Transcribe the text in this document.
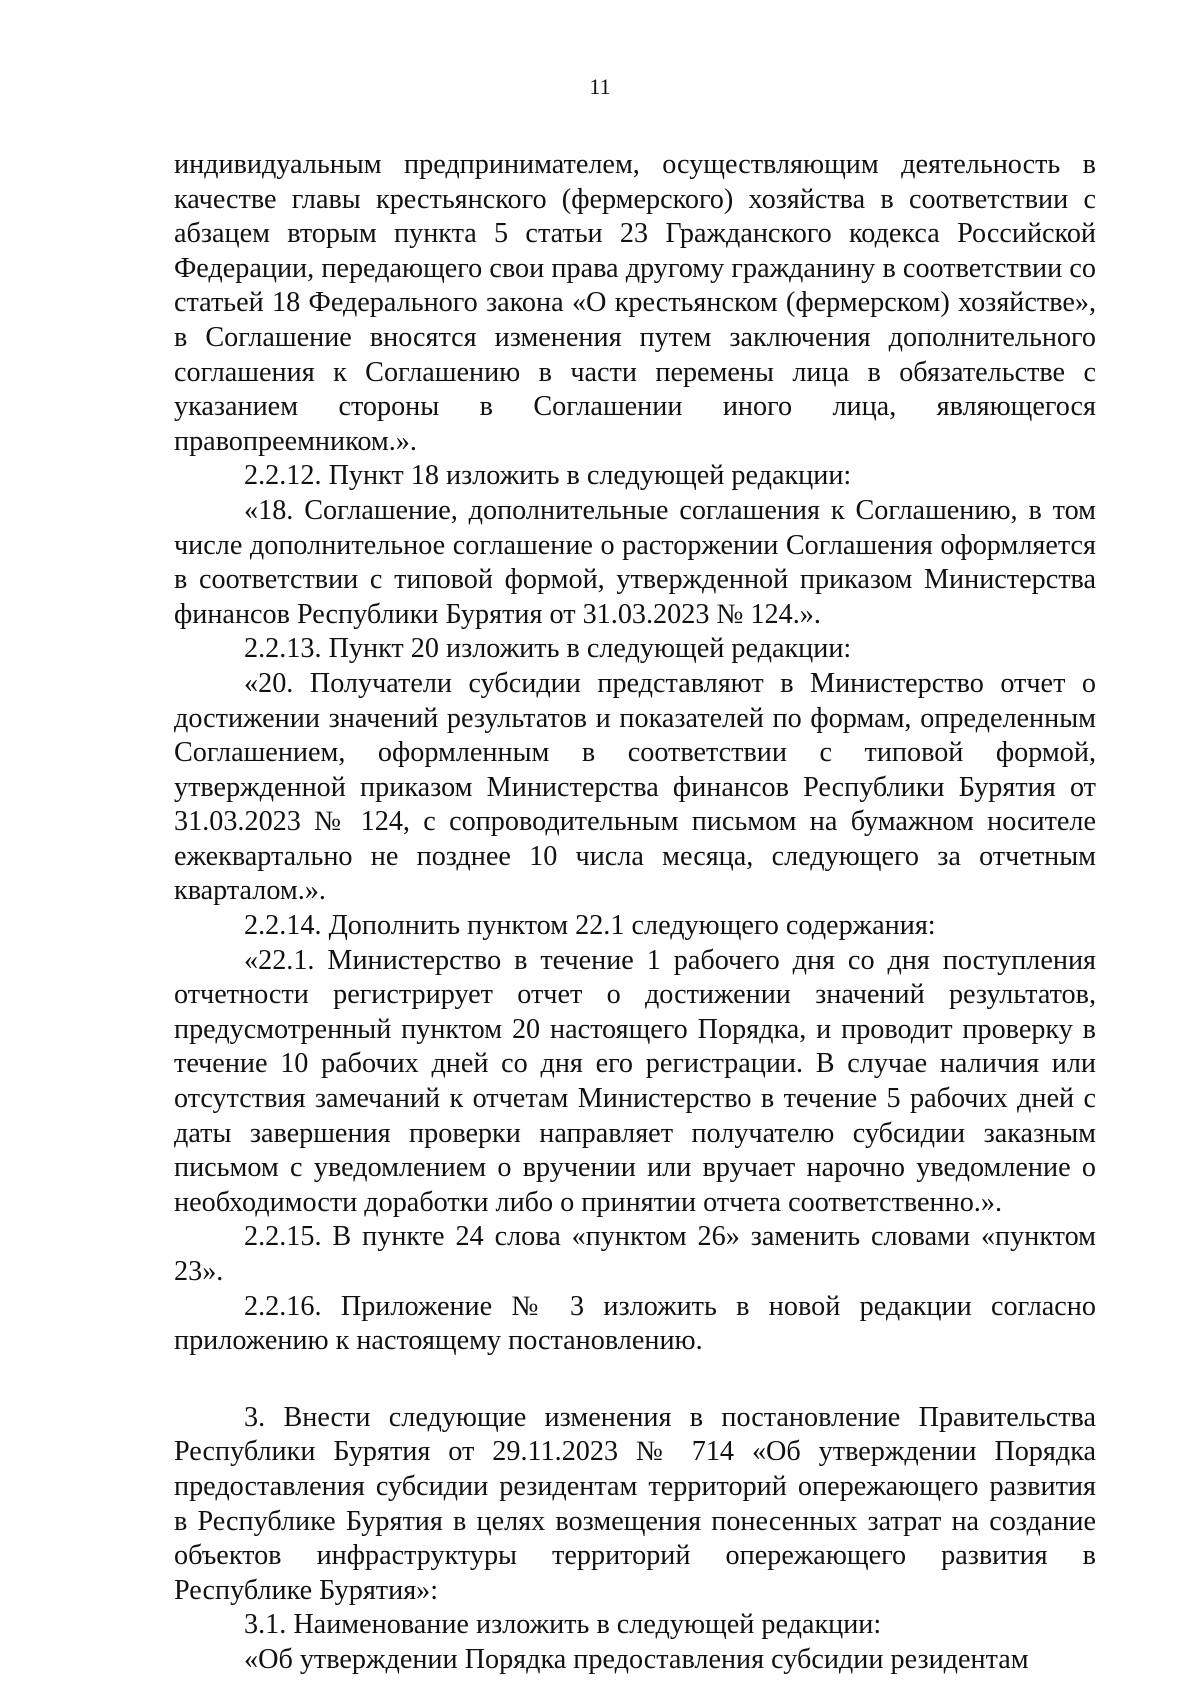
11

индивидуальным предпринимателем, осуществляющим деятельность в качестве главы крестьянского (фермерского) хозяйства в соответствии с абзацем вторым пункта 5 статьи 23 Гражданского кодекса Российской Федерации, передающего свои права другому гражданину в соответствии со статьей 18 Федерального закона «О крестьянском (фермерском) хозяйстве», в Соглашение вносятся изменения путем заключения дополнительного соглашения к Соглашению в части перемены лица в обязательстве с указанием стороны в Соглашении иного лица, являющегося правопреемником.».

2.2.12. Пункт 18 изложить в следующей редакции:

«18. Соглашение, дополнительные соглашения к Соглашению, в том числе дополнительное соглашение о расторжении Соглашения оформляется в соответствии с типовой формой, утвержденной приказом Министерства финансов Республики Бурятия от 31.03.2023 № 124.».

2.2.13. Пункт 20 изложить в следующей редакции:

«20. Получатели субсидии представляют в Министерство отчет о достижении значений результатов и показателей по формам, определенным Соглашением, оформленным в соответствии с типовой формой, утвержденной приказом Министерства финансов Республики Бурятия от 31.03.2023 № 124, с сопроводительным письмом на бумажном носителе ежеквартально не позднее 10 числа месяца, следующего за отчетным кварталом.».

2.2.14. Дополнить пунктом 22.1 следующего содержания:

«22.1. Министерство в течение 1 рабочего дня со дня поступления отчетности регистрирует отчет о достижении значений результатов, предусмотренный пунктом 20 настоящего Порядка, и проводит проверку в течение 10 рабочих дней со дня его регистрации. В случае наличия или отсутствия замечаний к отчетам Министерство в течение 5 рабочих дней с даты завершения проверки направляет получателю субсидии заказным письмом с уведомлением о вручении или вручает нарочно уведомление о необходимости доработки либо о принятии отчета соответственно.».

2.2.15. В пункте 24 слова «пунктом 26» заменить словами «пунктом 23».

2.2.16. Приложение № 3 изложить в новой редакции согласно приложению к настоящему постановлению.

3. Внести следующие изменения в постановление Правительства Республики Бурятия от 29.11.2023 № 714 «Об утверждении Порядка предоставления субсидии резидентам территорий опережающего развития в Республике Бурятия в целях возмещения понесенных затрат на создание объектов инфраструктуры территорий опережающего развития в Республике Бурятия»:

3.1. Наименование изложить в следующей редакции:

«Об утверждении Порядка предоставления субсидии резидентам
